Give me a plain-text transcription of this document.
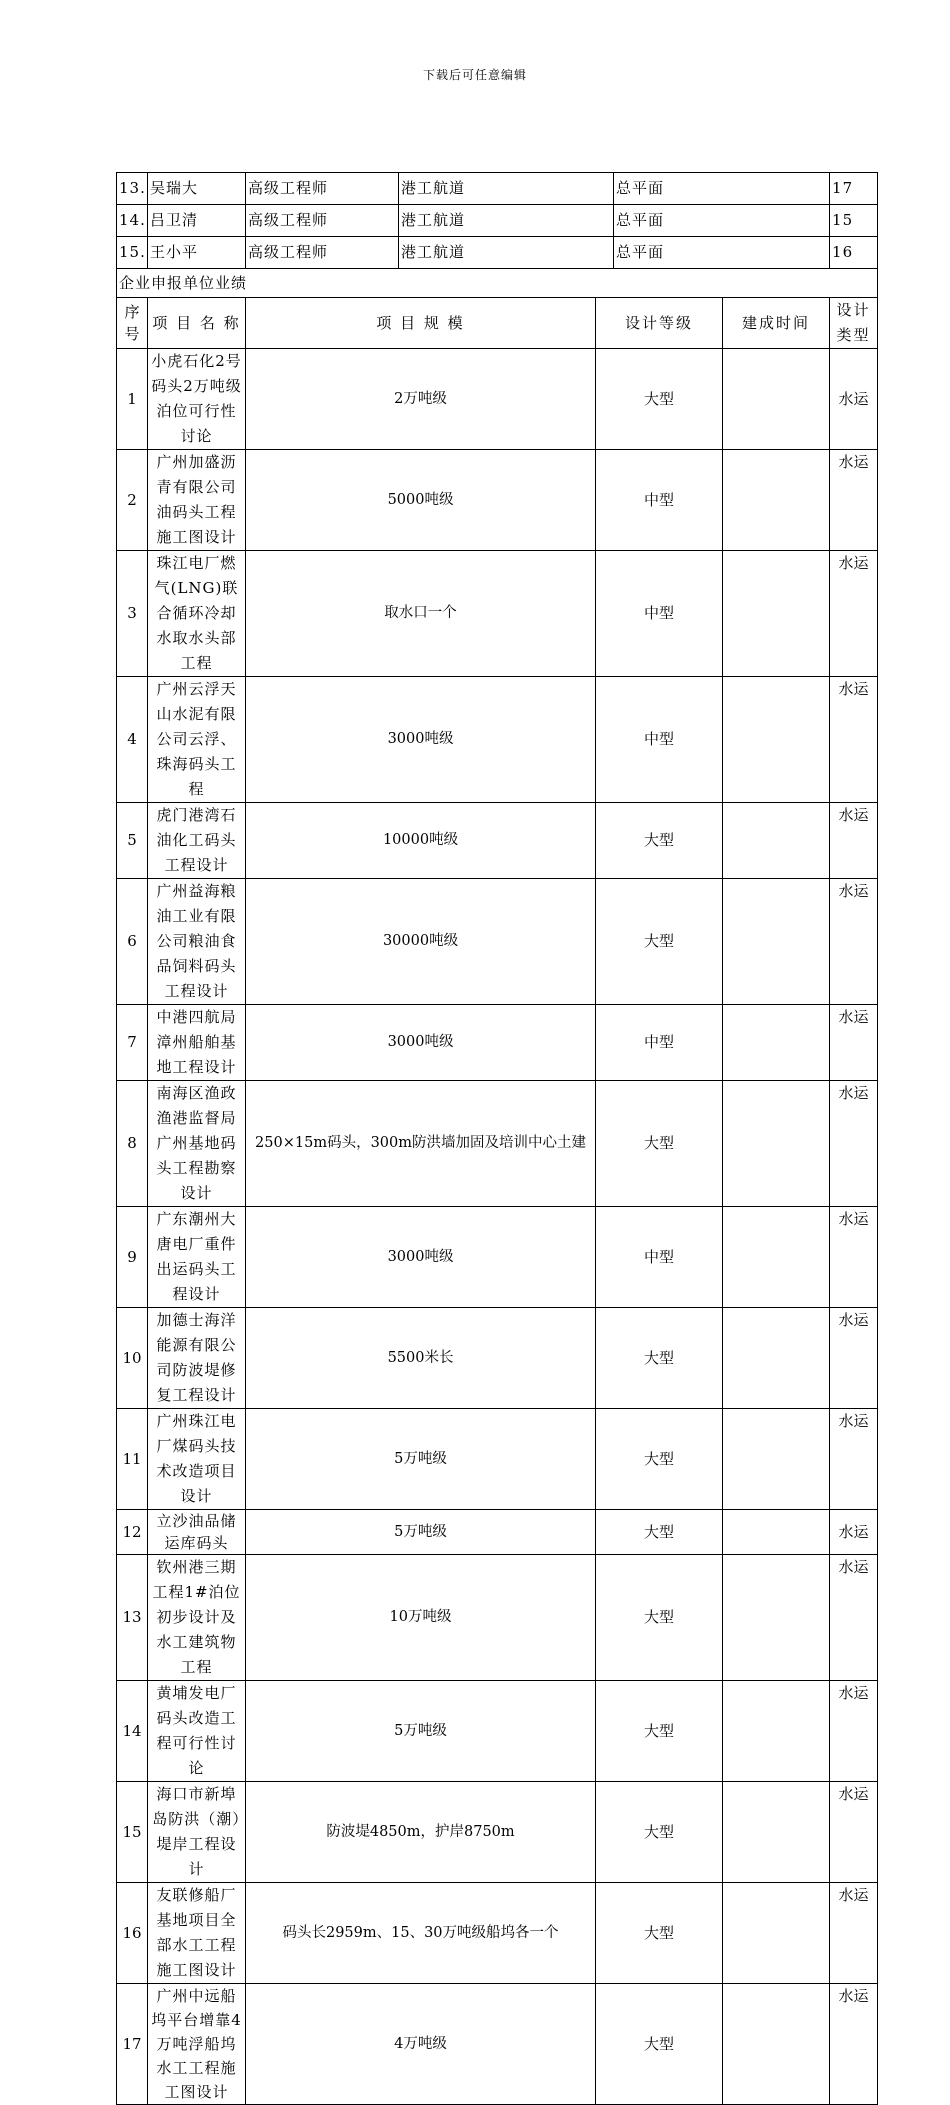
下载后可任意编辑
13.	吴瑞大	高级工程师	港工航道		总平面		17
14.	吕卫清	高级工程师	港工航道		总平面		15
15.	王小平	高级工程师	港工航道		总平面		16
企业申报单位业绩							
序号	项 目 名 称	项 目 规 模		设计等级		建成时间	设计类型
1	小虎石化2号码头2万吨级泊位可行性讨论	2万吨级		大型			水运
2	广州加盛沥青有限公司油码头工程施工图设计	5000吨级		中型			水运
3	珠江电厂燃气(LNG)联合循环冷却水取水头部工程	取水口一个		中型			水运
4	广州云浮天山水泥有限公司云浮、珠海码头工程	3000吨级		中型			水运
5	虎门港湾石油化工码头工程设计	10000吨级		大型			水运
6	广州益海粮油工业有限公司粮油食品饲料码头工程设计	30000吨级		大型			水运
7	中港四航局漳州船舶基地工程设计	3000吨级		中型			水运
8	南海区渔政渔港监督局广州基地码头工程勘察设计	250×15m码头，300m防洪墙加固及培训中心土建		大型			水运
9	广东潮州大唐电厂重件出运码头工程设计	3000吨级		中型			水运
10	加德士海洋能源有限公司防波堤修复工程设计	5500米长		大型			水运
11	广州珠江电厂煤码头技术改造项目设计	5万吨级		大型			水运
12	立沙油品储运库码头	5万吨级		大型			水运
13	钦州港三期工程1#泊位初步设计及水工建筑物工程	10万吨级		大型			水运
14	黄埔发电厂码头改造工程可行性讨论	5万吨级		大型			水运
15	海口市新埠岛防洪（潮）堤岸工程设计	防波堤4850m，护岸8750m		大型			水运
16	友联修船厂基地项目全部水工工程施工图设计	码头长2959m、15、30万吨级船坞各一个		大型			水运
17	广州中远船坞平台增靠4万吨浮船坞水工工程施工图设计	4万吨级		大型			水运
